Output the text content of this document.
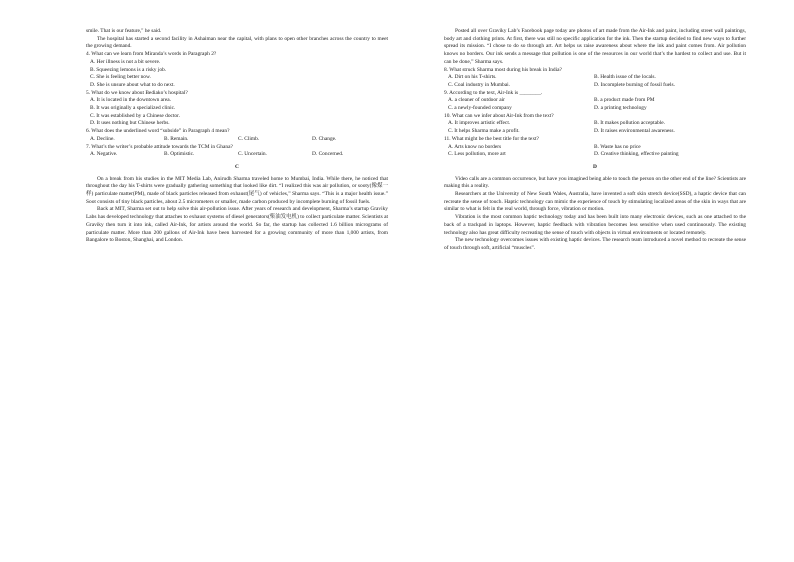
smile. That is our feature," he said.

The hospital has started a second facility in Ashaiman near the capital, with plans to open other branches across the country to meet the growing demand.

4. What can we learn from Miranda’s words in Paragraph 2?

A. Her illness is not a bit severe.

B. Squeezing lemons is a risky job.

C. She is feeling better now.

D. She is unsure about what to do next.

5. What do we know about Bediako’s hospital?

A. It is located in the downtown area.

B. It was originally a specialized clinic.

C. It was established by a Chinese doctor.

D. It uses nothing but Chinese herbs.

6. What does the underlined word “subside” in Paragraph 4 mean?

A. Decline.	B. Remain.	C. Climb.	D. Change.

7. What’s the writer’s probable attitude towards the TCM in Ghana?

A. Negative.	B. Optimistic.	C. Uncertain.	D. Concerned.

C

On a break from his studies in the MIT Media Lab, Anirudh Sharma traveled home to Mumbai, India. While there, he noticed that throughout the day his T-shirts were gradually gathering something that looked like dirt. “I realized this was air pollution, or sooty(像煤一样) particulate matter(PM), made of black particles released from exhaust(尾气) of vehicles,” Sharma says. “This is a major health issue.” Soot consists of tiny black particles, about 2.5 micrometers or smaller, made carbon produced by incomplete burning of fossil fuels.

Back at MIT, Sharma set out to help solve this air-pollution issue. After years of research and development, Sharma’s startup Graviky Labs has developed technology that attaches to exhaust systems of diesel generators(柴油发电机) to collect particulate matter. Scientists at Graviky then turn it into ink, called Air-Ink, for artists around the world. So far, the startup has collected 1.6 billion micrograms of particulate matter. More than 200 gallons of Air-Ink have been harvested for a growing community of more than 1,000 artists, from Bangalore to Boston, Shanghai, and London.

Posted all over Graviky Lab’s Facebook page today are photos of art made from the Air-Ink and paint, including street wall paintings, body art and clothing prints. At first, there was still no specific application for the ink. Then the startup decided to find new ways to further spread its mission. “I chose to do so through art. Art helps us raise awareness about where the ink and paint comes from. Air pollution knows no borders. Our ink sends a message that pollution is one of the resources in our world that’s the hardest to collect and use. But it can be done,” Sharma says.

8. What struck Sharma most during his break in India?

A. Dirt on his T-shirts.	B. Health issue of the locals.
C. Coal industry in Mumbai.	D. Incomplete burning of fossil fuels.

9. According to the text, Air-Ink is ________.

A. a cleaner of outdoor air	B. a product made from PM
C. a newly-founded company	D. a printing technology

10. What can we infer about Air-Ink from the text?

A. It improves artistic effect.	B. It makes pollution acceptable.
C. It helps Sharma make a profit.	D. It raises environmental awareness.

11. What might be the best title for the text?

A. Arts know no borders	B. Waste has no price
C. Less pollution, more art	D. Creative thinking, effective painting

D

Video calls are a common occurrence, but have you imagined being able to touch the person on the other end of the line? Scientists are making this a reality.

Researchers at the University of New South Wales, Australia, have invented a soft skin stretch device(SSD), a haptic device that can recreate the sense of touch. Haptic technology can mimic the experience of touch by stimulating localized areas of the skin in ways that are similar to what is felt in the real world, through force, vibration or motion.

Vibration is the most common haptic technology today and has been built into many electronic devices, such as one attached to the back of a trackpad in laptops. However, haptic feedback with vibration becomes less sensitive when used continuously. The existing technology also has great difficulty recreating the sense of touch with objects in virtual environments or located remotely.

The new technology overcomes issues with existing haptic devices. The research team introduced a novel method to recreate the sense of touch through soft, artificial “muscles”.
